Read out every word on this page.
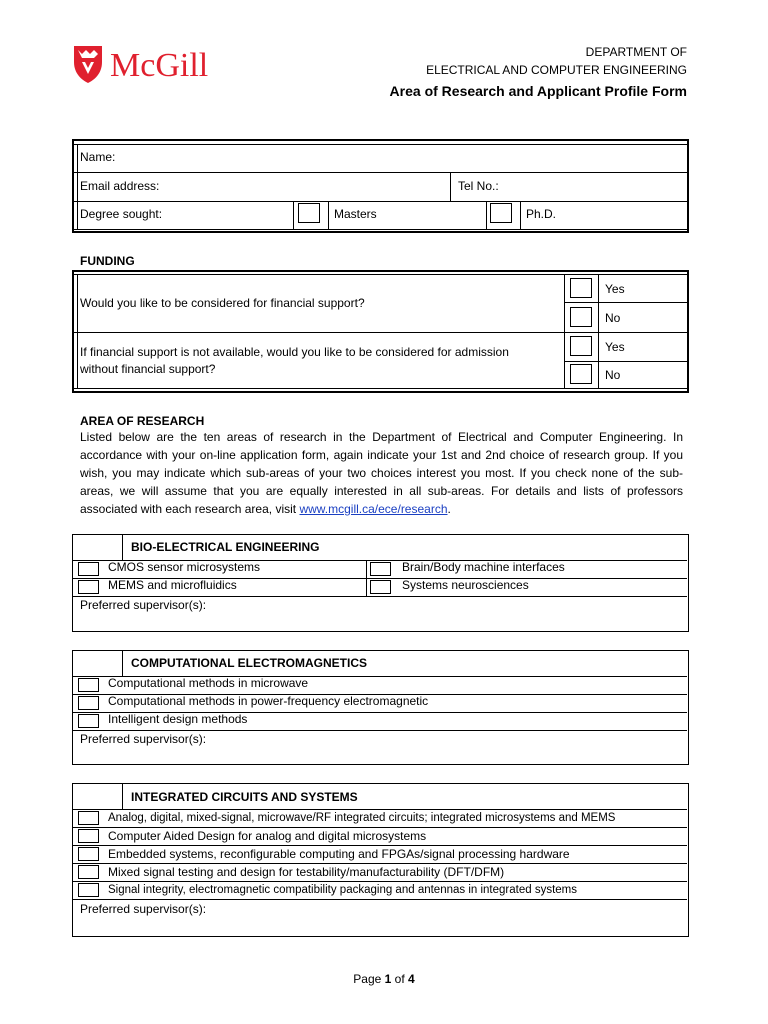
McGill	DEPARTMENT OF
ELECTRICAL AND COMPUTER ENGINEERING
Area of Research and Applicant Profile Form
Name:
Email address:	Tel No.:
Degree sought:	Masters	Ph.D.
FUNDING
Would you like to be considered for financial support?
Yes
No
If financial support is not available, would you like to be considered for admission
without financial support?
Yes
No
AREA OF RESEARCH
Listed below are the ten areas of research in the Department of Electrical and Computer Engineering. In accordance with your on-line application form, again indicate your 1st and 2nd choice of research group. If you wish, you may indicate which sub-areas of your two choices interest you most. If you check none of the sub-areas, we will assume that you are equally interested in all sub-areas. For details and lists of professors associated with each research area, visit www.mcgill.ca/ece/research.
BIO-ELECTRICAL ENGINEERING
CMOS sensor microsystems	Brain/Body machine interfaces
MEMS and microfluidics	Systems neurosciences
Preferred supervisor(s):
COMPUTATIONAL ELECTROMAGNETICS
Computational methods in microwave
Computational methods in power-frequency electromagnetic
Intelligent design methods
Preferred supervisor(s):
INTEGRATED CIRCUITS AND SYSTEMS
Analog, digital, mixed-signal, microwave/RF integrated circuits; integrated microsystems and MEMS
Computer Aided Design for analog and digital microsystems
Embedded systems, reconfigurable computing and FPGAs/signal processing hardware
Mixed signal testing and design for testability/manufacturability (DFT/DFM)
Signal integrity, electromagnetic compatibility packaging and antennas in integrated systems
Preferred supervisor(s):
Page 1 of 4
